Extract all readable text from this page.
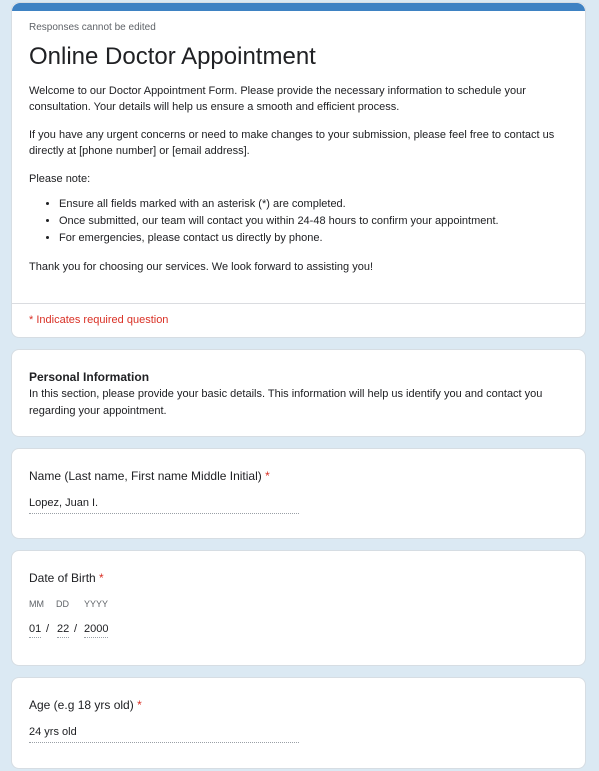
Responses cannot be edited
Online Doctor Appointment

Welcome to our Doctor Appointment Form. Please provide the necessary information to schedule your consultation. Your details will help us ensure a smooth and efficient process.

If you have any urgent concerns or need to make changes to your submission, please feel free to contact us directly at [phone number] or [email address].

Please note:
• Ensure all fields marked with an asterisk (*) are completed.
• Once submitted, our team will contact you within 24-48 hours to confirm your appointment.
• For emergencies, please contact us directly by phone.
Thank you for choosing our services. We look forward to assisting you!
* Indicates required question
Personal Information
In this section, please provide your basic details. This information will help us identify you and contact you regarding your appointment.
Name (Last name, First name Middle Initial) *
Lopez, Juan I.
Date of Birth *
MM DD YYYY
01 / 22 / 2000
Age (e.g 18 yrs old) *
24 yrs old
